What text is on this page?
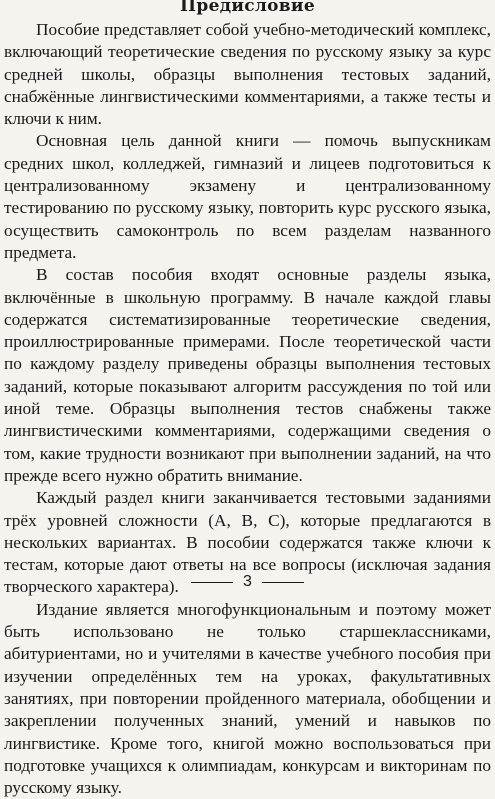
Предисловие

Пособие представляет собой учебно-методический комплекс, включающий теоретические сведения по русскому языку за курс средней школы, образцы выполнения тестовых заданий, снабжённые лингвистическими комментариями, а также тесты и ключи к ним.

Основная цель данной книги — помочь выпускникам средних школ, колледжей, гимназий и лицеев подготовиться к централизованному экзамену и централизованному тестированию по русскому языку, повторить курс русского языка, осуществить самоконтроль по всем разделам названного предмета.

В состав пособия входят основные разделы языка, включённые в школьную программу. В начале каждой главы содержатся систематизированные теоретические сведения, проиллюстрированные примерами. После теоретической части по каждому разделу приведены образцы выполнения тестовых заданий, которые показывают алгоритм рассуждения по той или иной теме. Образцы выполнения тестов снабжены также лингвистическими комментариями, содержащими сведения о том, какие трудности возникают при выполнении заданий, на что прежде всего нужно обратить внимание.

Каждый раздел книги заканчивается тестовыми заданиями трёх уровней сложности (А, В, С), которые предлагаются в нескольких вариантах. В пособии содержатся также ключи к тестам, которые дают ответы на все вопросы (исключая задания творческого характера).

Издание является многофункциональным и поэтому может быть использовано не только старшеклассниками, абитуриентами, но и учителями в качестве учебного пособия при изучении определённых тем на уроках, факультативных занятиях, при повторении пройденного материала, обобщении и закреплении полученных знаний, умений и навыков по лингвистике. Кроме того, книгой можно воспользоваться при подготовке учащихся к олимпиадам, конкурсам и викторинам по русскому языку.

3
